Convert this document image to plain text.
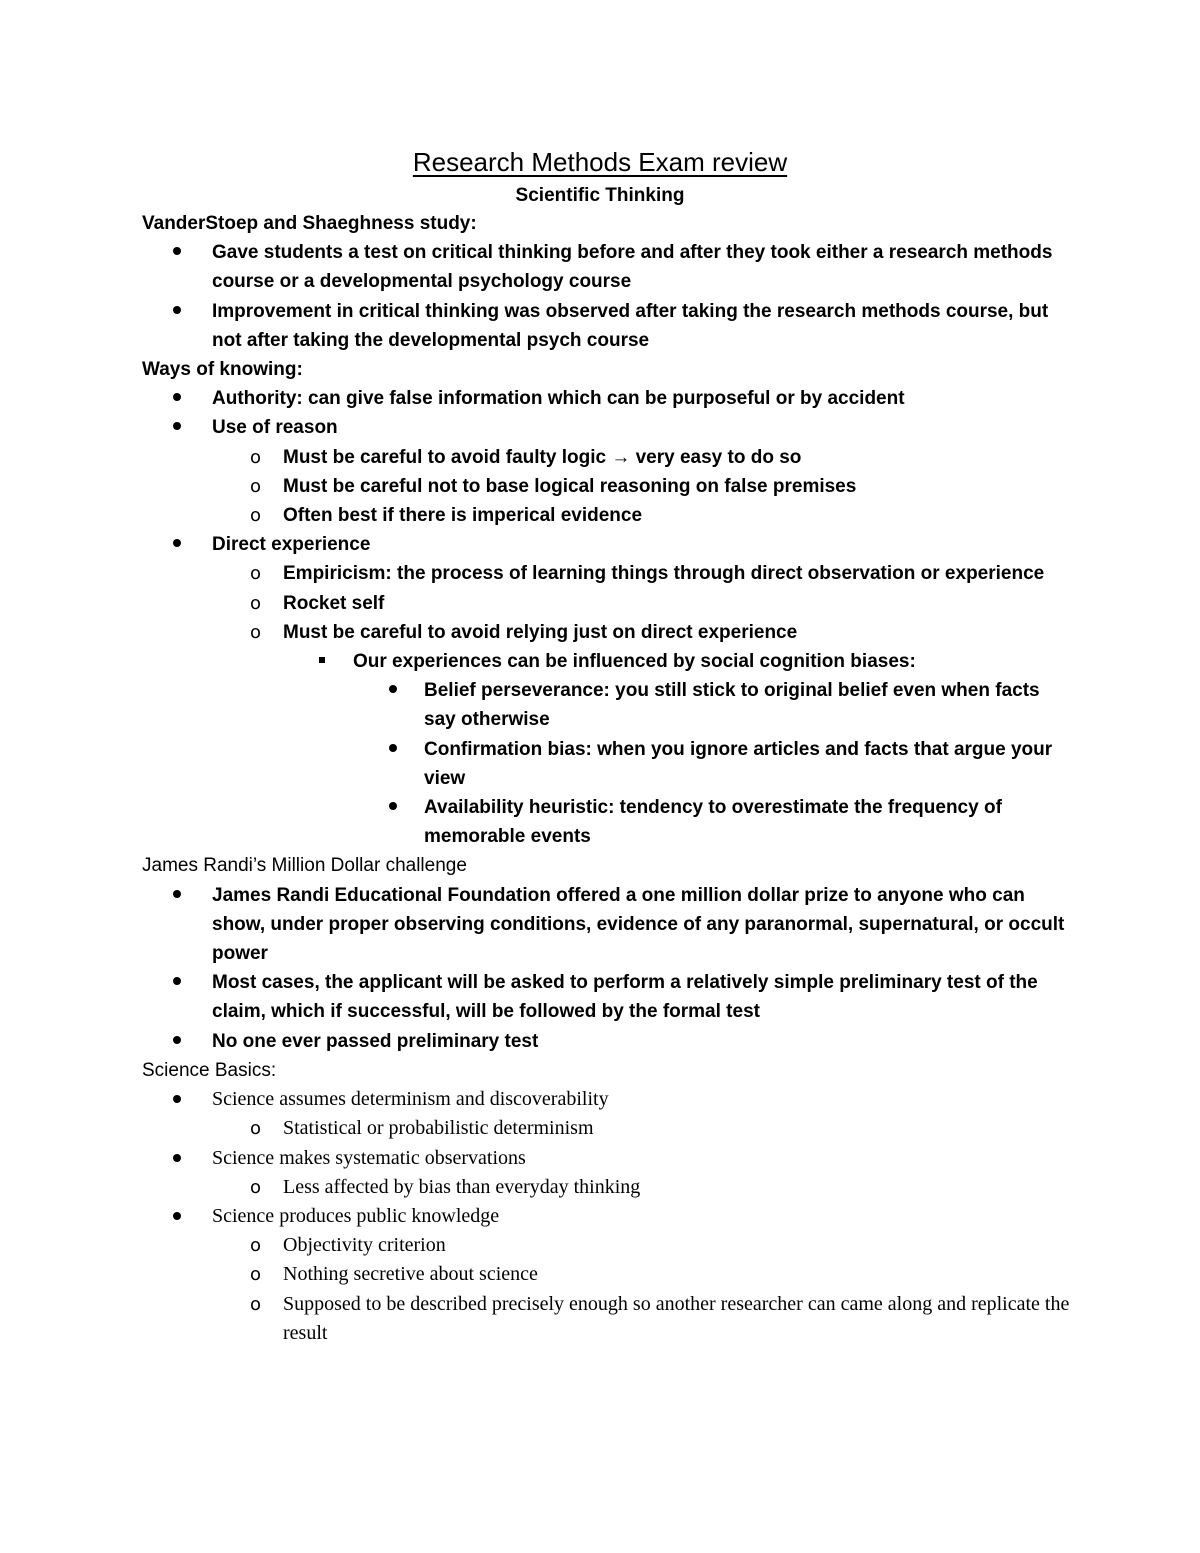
Research Methods Exam review
Scientific Thinking

VanderStoep and Shaeghness study:

Gave students a test on critical thinking before and after they took either a research methods course or a developmental psychology course
Improvement in critical thinking was observed after taking the research methods course, but not after taking the developmental psych course

Ways of knowing:

Authority: can give false information which can be purposeful or by accident
Use of reason
o Must be careful to avoid faulty logic → very easy to do so
o Must be careful not to base logical reasoning on false premises
o Often best if there is imperical evidence
Direct experience
o Empiricism: the process of learning things through direct observation or experience
o Rocket self
o Must be careful to avoid relying just on direct experience
Our experiences can be influenced by social cognition biases:
Belief perseverance: you still stick to original belief even when facts say otherwise
Confirmation bias: when you ignore articles and facts that argue your view
Availability heuristic: tendency to overestimate the frequency of memorable events

James Randi’s Million Dollar challenge

James Randi Educational Foundation offered a one million dollar prize to anyone who can show, under proper observing conditions, evidence of any paranormal, supernatural, or occult power
Most cases, the applicant will be asked to perform a relatively simple preliminary test of the claim, which if successful, will be followed by the formal test
No one ever passed preliminary test

Science Basics:

Science assumes determinism and discoverability
o Statistical or probabilistic determinism
Science makes systematic observations
o Less affected by bias than everyday thinking
Science produces public knowledge
o Objectivity criterion
o Nothing secretive about science
o Supposed to be described precisely enough so another researcher can came along and replicate the result
